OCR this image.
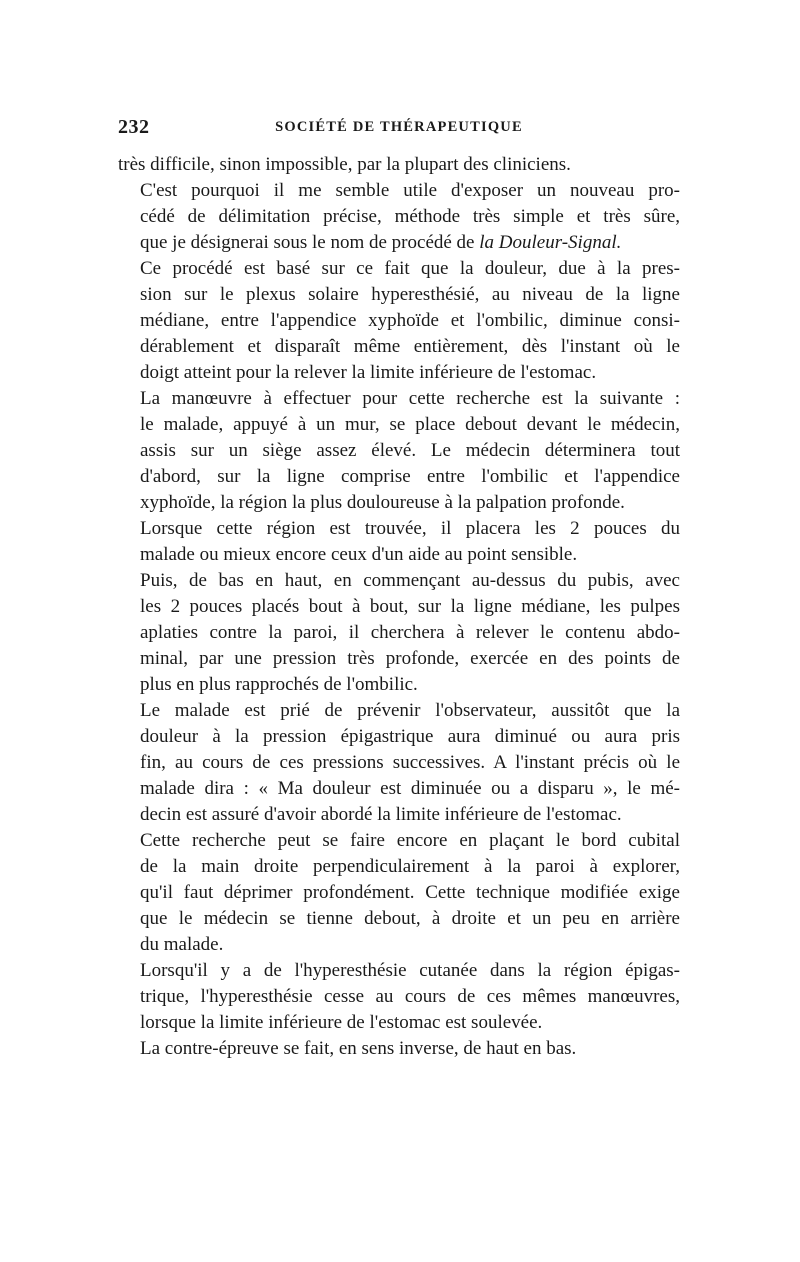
232	SOCIÉTÉ DE THÉRAPEUTIQUE
très difficile, sinon impossible, par la plupart des cliniciens.
C'est pourquoi il me semble utile d'exposer un nouveau pro-
cédé de délimitation précise, méthode très simple et très sûre,
que je désignerai sous le nom de procédé de la Douleur-Signal.
Ce procédé est basé sur ce fait que la douleur, due à la pres-
sion sur le plexus solaire hyperesthésié, au niveau de la ligne
médiane, entre l'appendice xyphoïde et l'ombilic, diminue consi-
dérablement et disparaît même entièrement, dès l'instant où le
doigt atteint pour la relever la limite inférieure de l'estomac.
La manœuvre à effectuer pour cette recherche est la suivante :
le malade, appuyé à un mur, se place debout devant le médecin,
assis sur un siège assez élevé. Le médecin déterminera tout
d'abord, sur la ligne comprise entre l'ombilic et l'appendice
xyphoïde, la région la plus douloureuse à la palpation profonde.
Lorsque cette région est trouvée, il placera les 2 pouces du
malade ou mieux encore ceux d'un aide au point sensible.
Puis, de bas en haut, en commençant au-dessus du pubis, avec
les 2 pouces placés bout à bout, sur la ligne médiane, les pulpes
aplaties contre la paroi, il cherchera à relever le contenu abdo-
minal, par une pression très profonde, exercée en des points de
plus en plus rapprochés de l'ombilic.
Le malade est prié de prévenir l'observateur, aussitôt que la
douleur à la pression épigastrique aura diminué ou aura pris
fin, au cours de ces pressions successives. A l'instant précis où le
malade dira : « Ma douleur est diminuée ou a disparu », le mé-
decin est assuré d'avoir abordé la limite inférieure de l'estomac.
Cette recherche peut se faire encore en plaçant le bord cubital
de la main droite perpendiculairement à la paroi à explorer,
qu'il faut déprimer profondément. Cette technique modifiée exige
que le médecin se tienne debout, à droite et un peu en arrière
du malade.
Lorsqu'il y a de l'hyperesthésie cutanée dans la région épigas-
trique, l'hyperesthésie cesse au cours de ces mêmes manœuvres,
lorsque la limite inférieure de l'estomac est soulevée.
La contre-épreuve se fait, en sens inverse, de haut en bas.
